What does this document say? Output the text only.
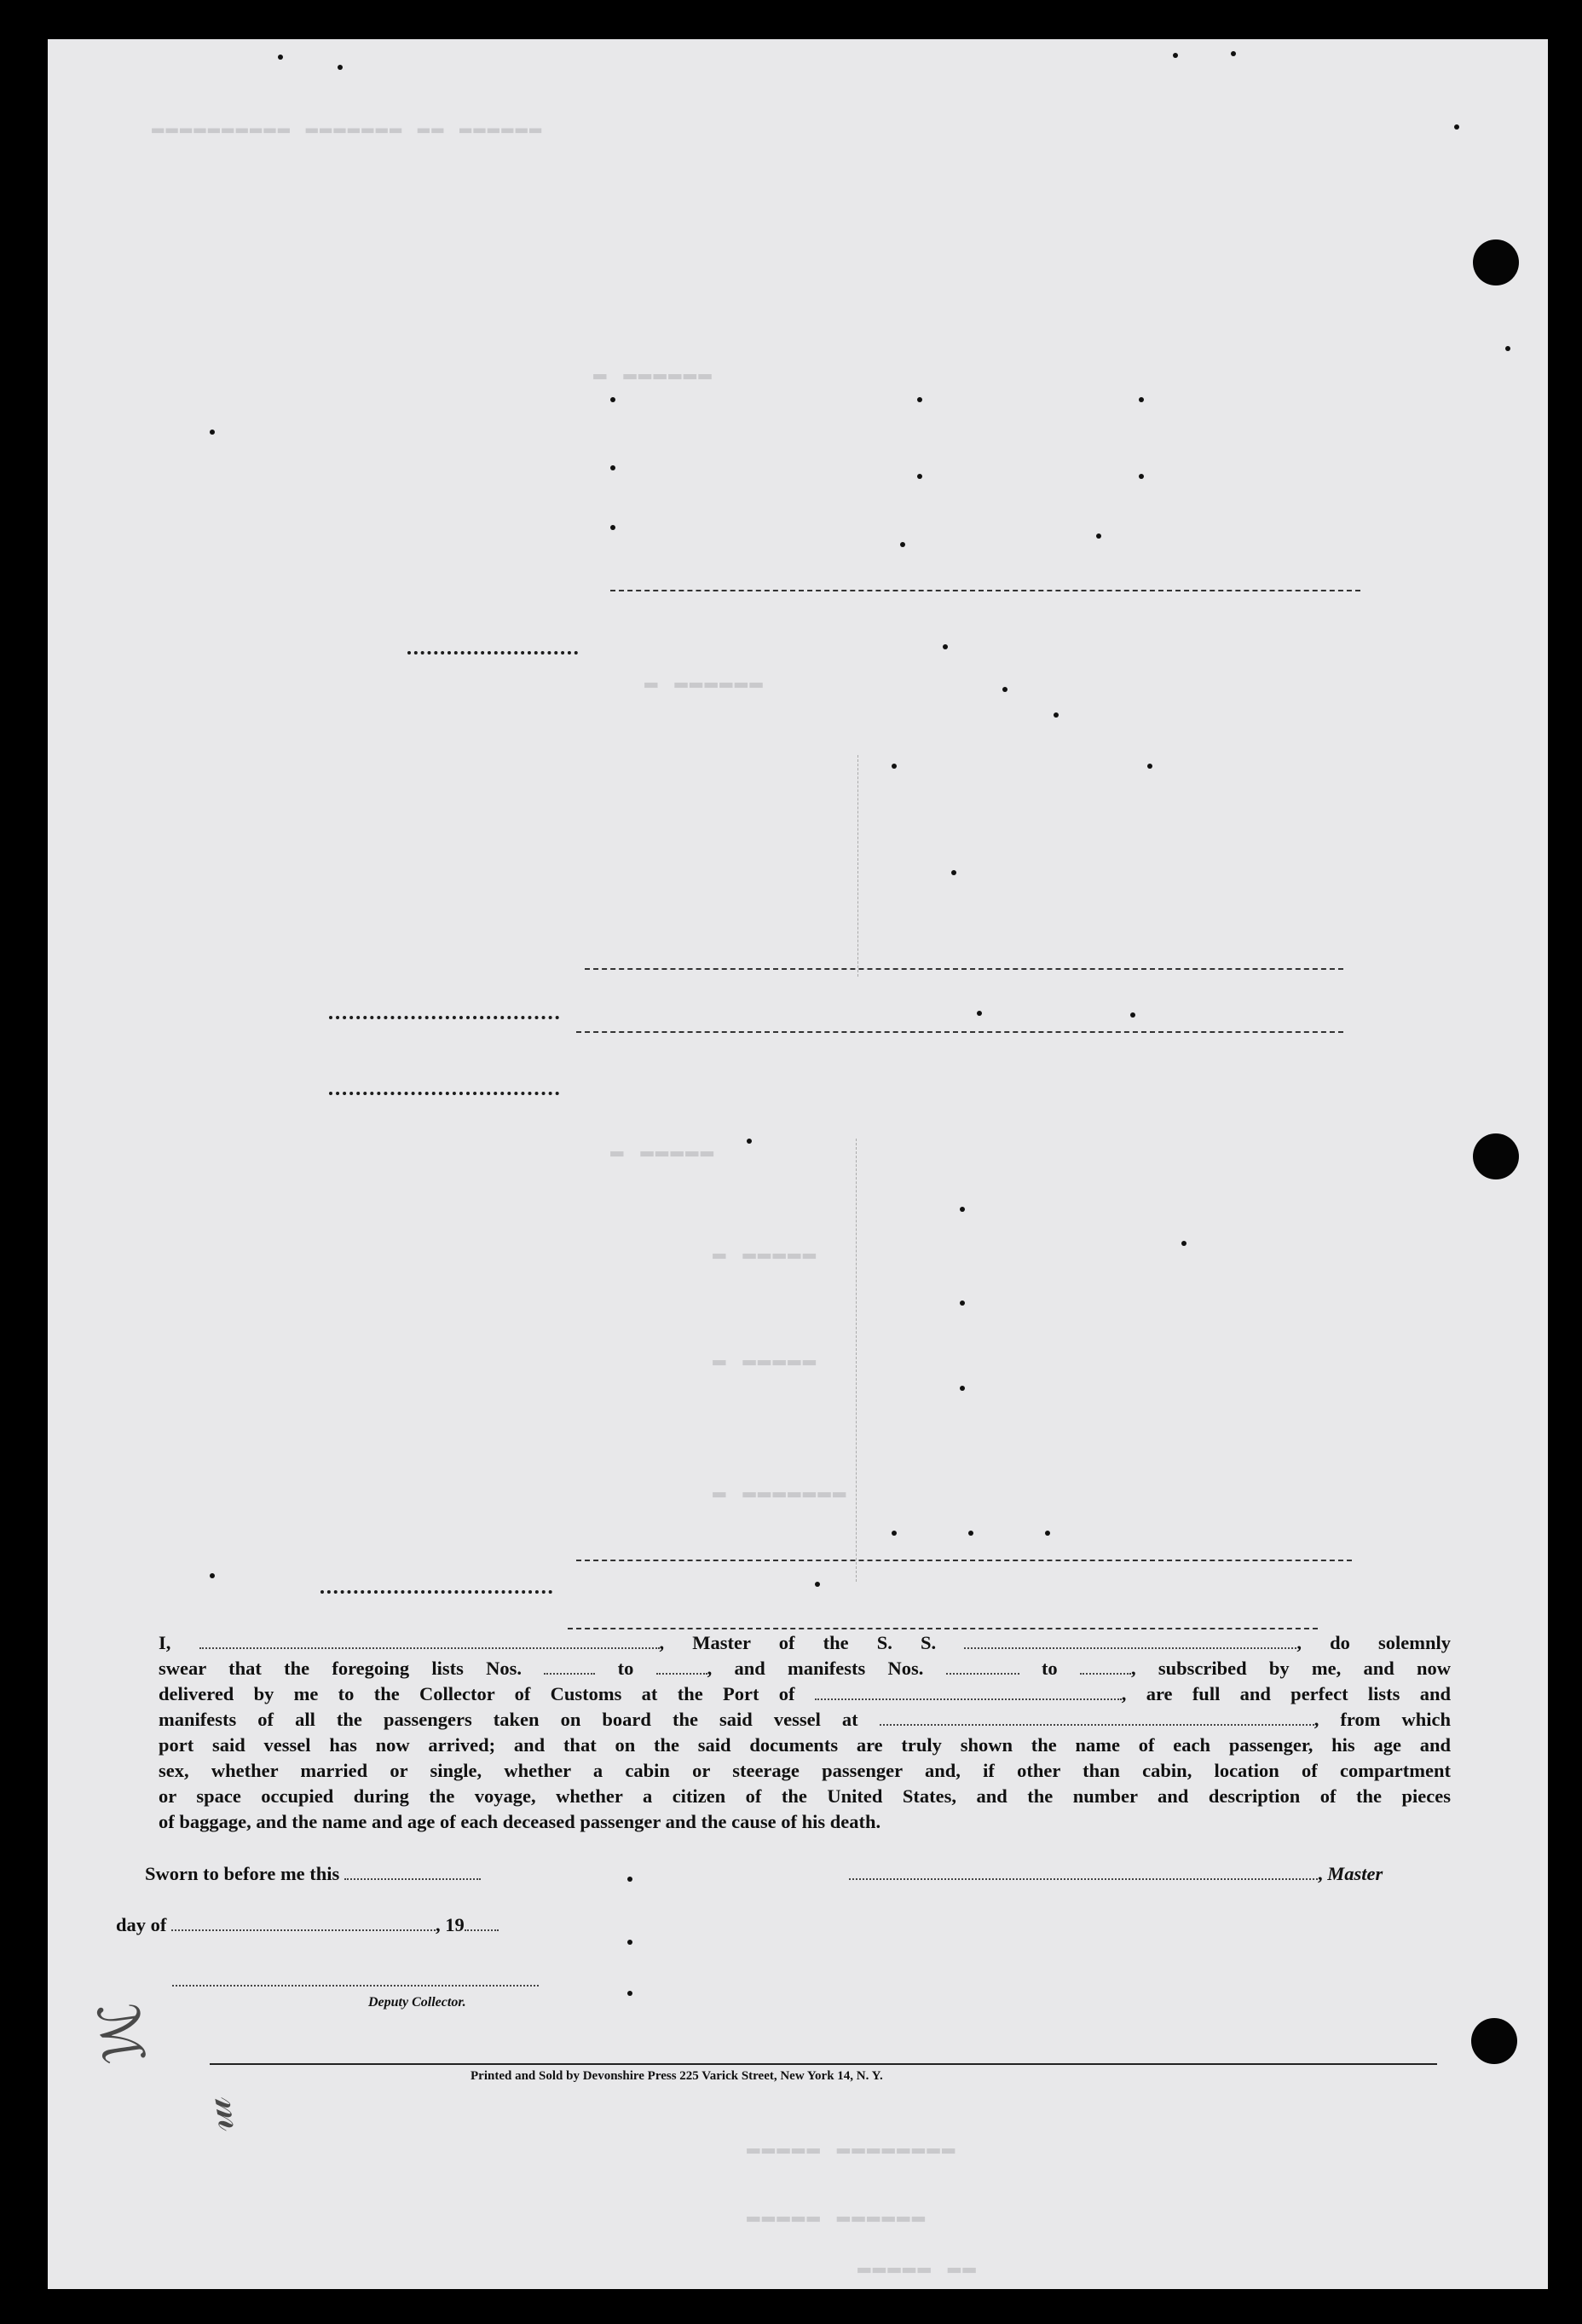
▬▬▬▬▬▬ ▬▬ ▬▬▬▬▬▬▬ ▬▬▬▬▬▬▬▬▬▬
▬ ▬▬▬▬▬▬
▬ ▬▬▬▬▬▬
▬ ▬▬▬▬▬
▬ ▬▬▬▬▬
▬ ▬▬▬▬▬
▬ ▬▬▬▬▬▬▬
▬▬▬▬▬ ▬▬▬▬▬▬▬▬
▬▬▬▬▬ ▬▬▬▬▬▬
▬▬▬▬▬ ▬▬

I,	, Master of the S. S.	, do solemnly

swear that the foregoing lists Nos.	to	, and manifests Nos.	to	, subscribed by me, and now

delivered by me to the Collector of Customs at the Port of	, are full and perfect lists and

manifests of all the passengers taken on board the said vessel at	, from which

port said vessel has now arrived; and that on the said documents are truly shown the name of each passenger, his age and

sex, whether married or single, whether a cabin or steerage passenger and, if other than cabin, location of compartment

or space occupied during the voyage, whether a citizen of the United States, and the number and description of the pieces

of baggage, and the name and age of each deceased passenger and the cause of his death.

Sworn to before me this	, Master
day of	, 19
Deputy Collector.
ℳ
𝓂
Printed and Sold by Devonshire Press 225 Varick Street, New York 14, N. Y.
